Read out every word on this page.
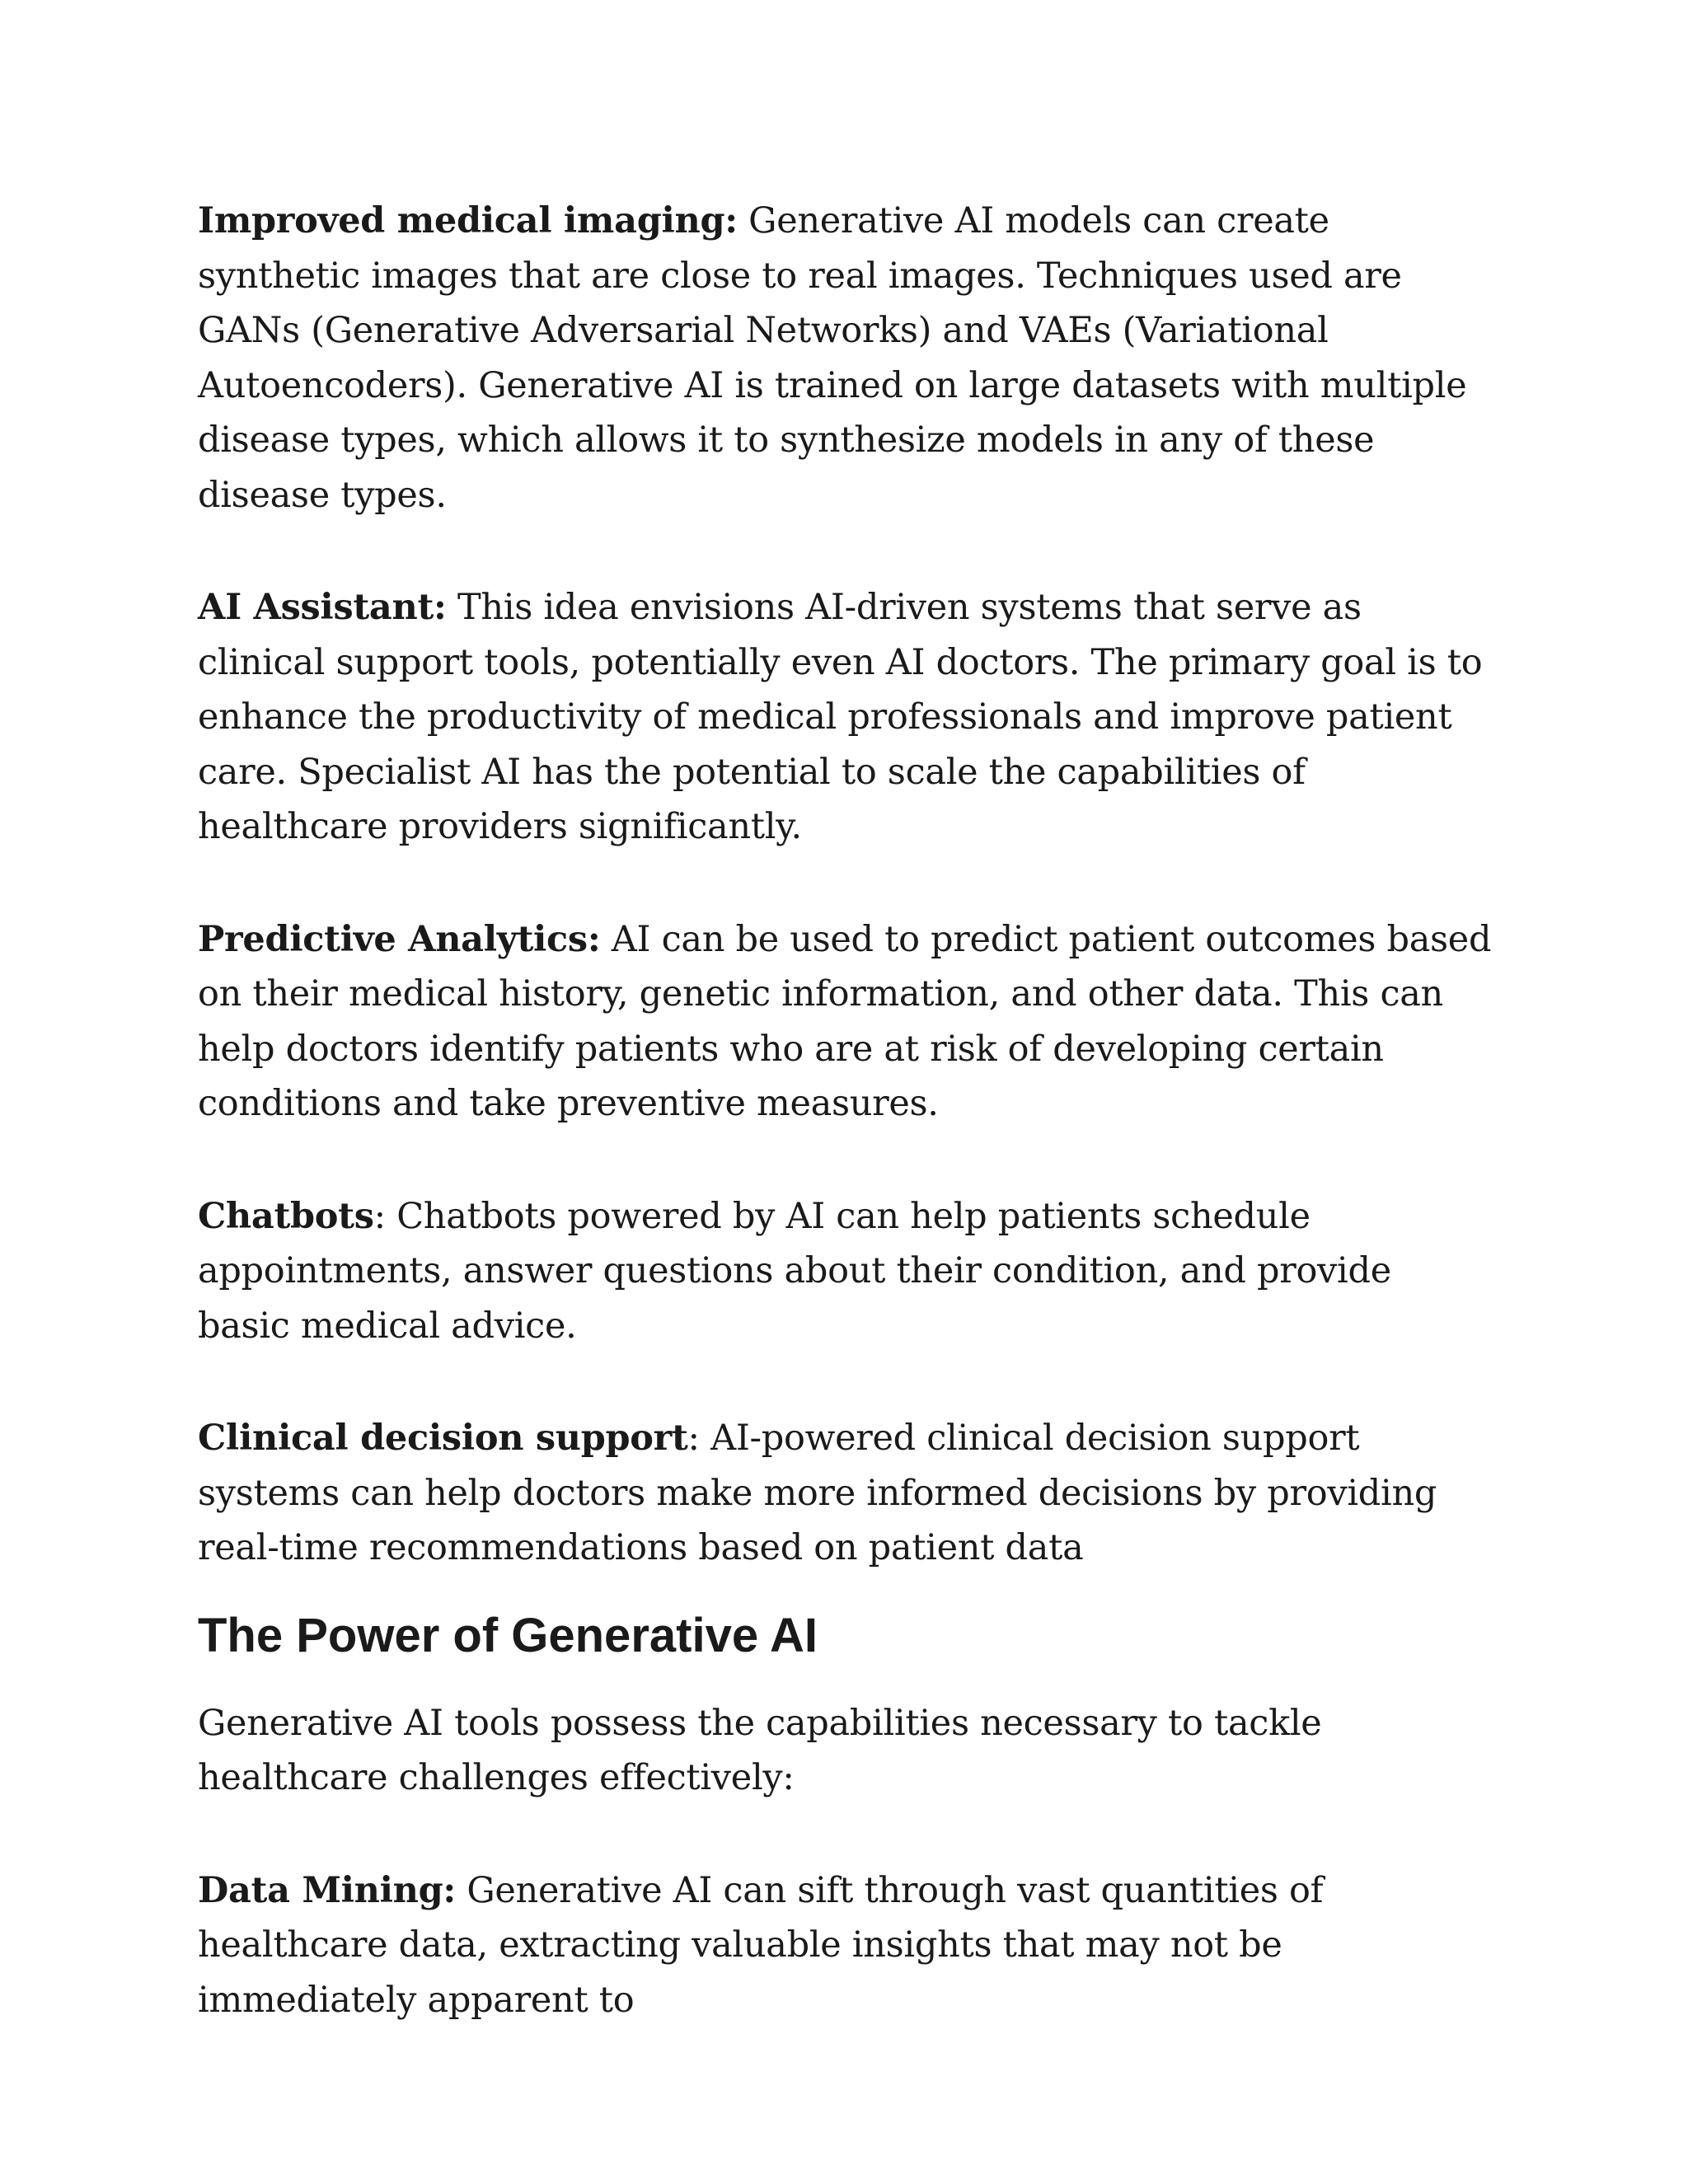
Improved medical imaging: Generative AI models can create synthetic images that are close to real images. Techniques used are GANs (Generative Adversarial Networks) and VAEs (Variational Autoencoders). Generative AI is trained on large datasets with multiple disease types, which allows it to synthesize models in any of these disease types.

AI Assistant: This idea envisions AI-driven systems that serve as clinical support tools, potentially even AI doctors. The primary goal is to enhance the productivity of medical professionals and improve patient care. Specialist AI has the potential to scale the capabilities of healthcare providers significantly.

Predictive Analytics: AI can be used to predict patient outcomes based on their medical history, genetic information, and other data. This can help doctors identify patients who are at risk of developing certain conditions and take preventive measures.

Chatbots: Chatbots powered by AI can help patients schedule appointments, answer questions about their condition, and provide basic medical advice.

Clinical decision support: AI-powered clinical decision support systems can help doctors make more informed decisions by providing real-time recommendations based on patient data

The Power of Generative AI

Generative AI tools possess the capabilities necessary to tackle healthcare challenges effectively:

Data Mining: Generative AI can sift through vast quantities of healthcare data, extracting valuable insights that may not be immediately apparent to
